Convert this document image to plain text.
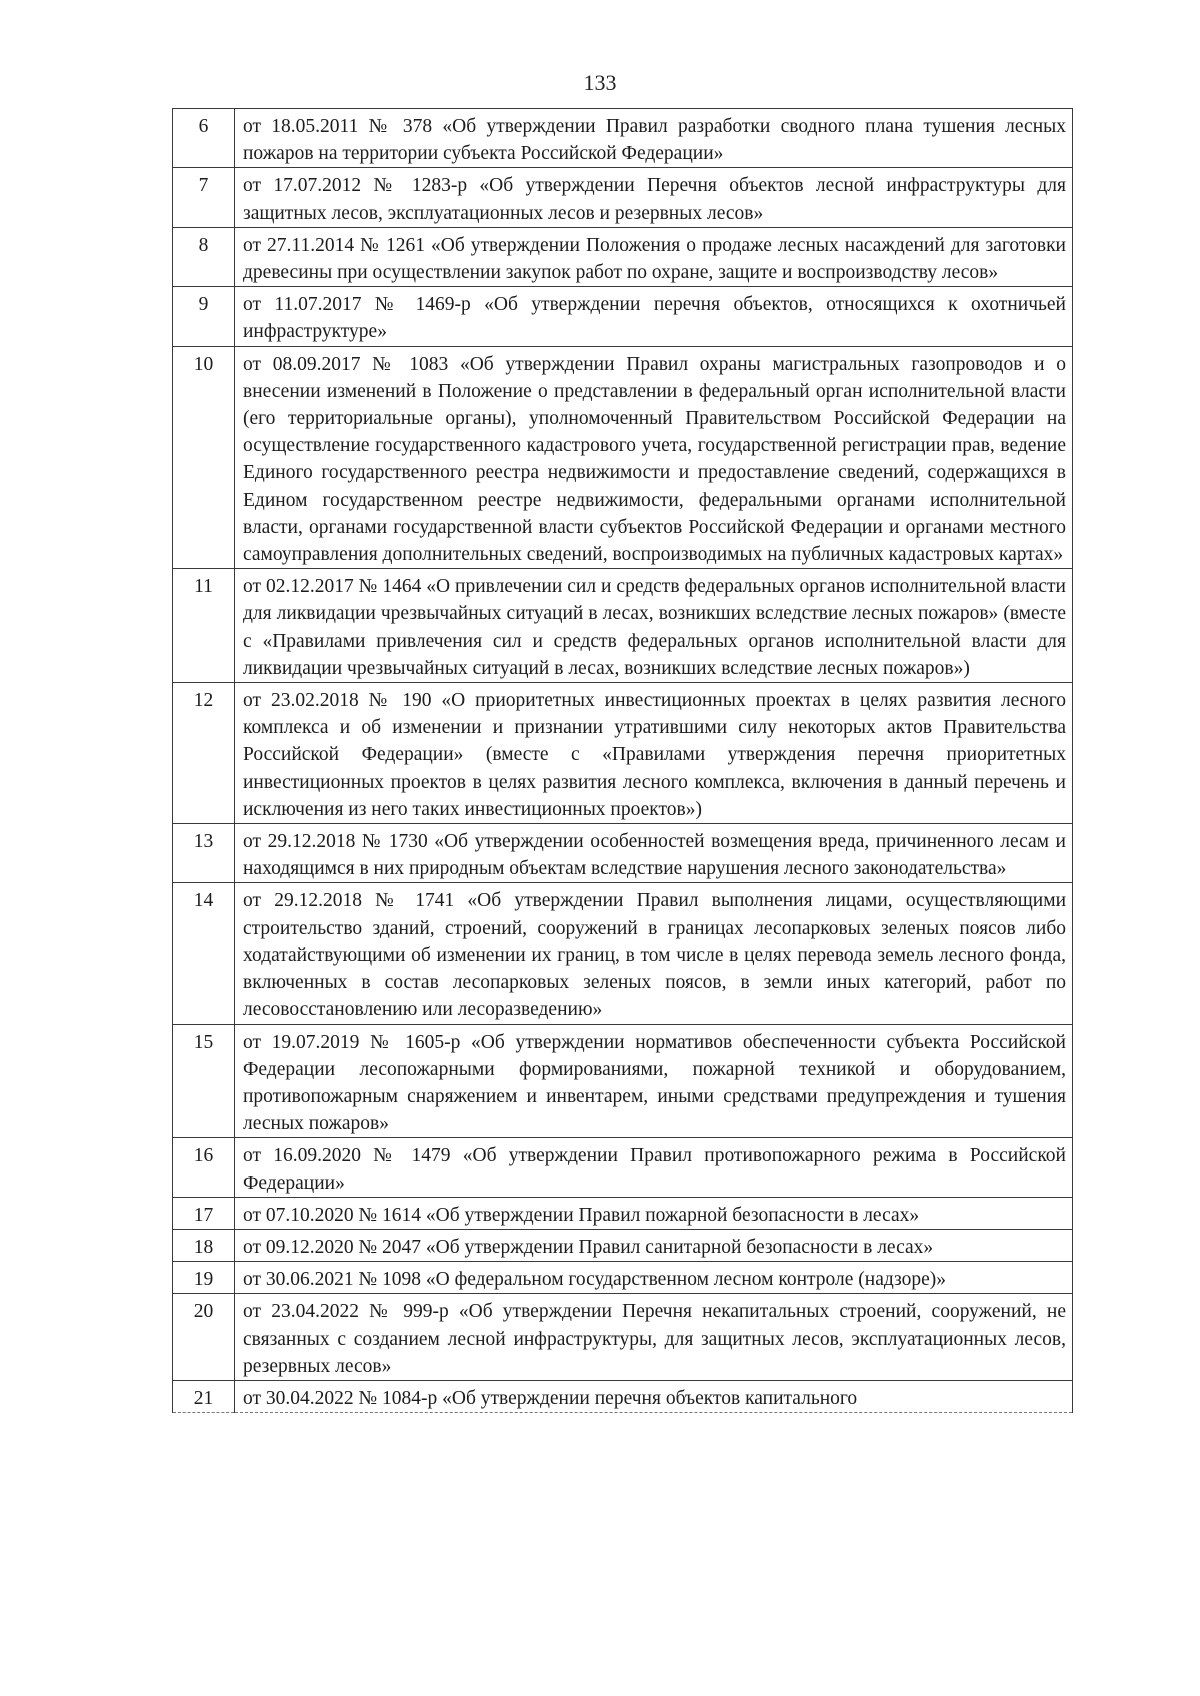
133
6	от 18.05.2011 № 378 «Об утверждении Правил разработки сводного плана тушения лесных пожаров на территории субъекта Российской Федерации»
7	от 17.07.2012 № 1283-р «Об утверждении Перечня объектов лесной инфраструктуры для защитных лесов, эксплуатационных лесов и резервных лесов»
8	от 27.11.2014 № 1261 «Об утверждении Положения о продаже лесных насаждений для заготовки древесины при осуществлении закупок работ по охране, защите и воспроизводству лесов»
9	от 11.07.2017 № 1469-р «Об утверждении перечня объектов, относящихся к охотничьей инфраструктуре»
10	от 08.09.2017 № 1083 «Об утверждении Правил охраны магистральных газопроводов и о внесении изменений в Положение о представлении в федеральный орган исполнительной власти (его территориальные органы), уполномоченный Правительством Российской Федерации на осуществление государственного кадастрового учета, государственной регистрации прав, ведение Единого государственного реестра недвижимости и предоставление сведений, содержащихся в Едином государственном реестре недвижимости, федеральными органами исполнительной власти, органами государственной власти субъектов Российской Федерации и органами местного самоуправления дополнительных сведений, воспроизводимых на публичных кадастровых картах»
11	от 02.12.2017 № 1464 «О привлечении сил и средств федеральных органов исполнительной власти для ликвидации чрезвычайных ситуаций в лесах, возникших вследствие лесных пожаров» (вместе с «Правилами привлечения сил и средств федеральных органов исполнительной власти для ликвидации чрезвычайных ситуаций в лесах, возникших вследствие лесных пожаров»)
12	от 23.02.2018 № 190 «О приоритетных инвестиционных проектах в целях развития лесного комплекса и об изменении и признании утратившими силу некоторых актов Правительства Российской Федерации» (вместе с «Правилами утверждения перечня приоритетных инвестиционных проектов в целях развития лесного комплекса, включения в данный перечень и исключения из него таких инвестиционных проектов»)
13	от 29.12.2018 № 1730 «Об утверждении особенностей возмещения вреда, причиненного лесам и находящимся в них природным объектам вследствие нарушения лесного законодательства»
14	от 29.12.2018 № 1741 «Об утверждении Правил выполнения лицами, осуществляющими строительство зданий, строений, сооружений в границах лесопарковых зеленых поясов либо ходатайствующими об изменении их границ, в том числе в целях перевода земель лесного фонда, включенных в состав лесопарковых зеленых поясов, в земли иных категорий, работ по лесовосстановлению или лесоразведению»
15	от 19.07.2019 № 1605-р «Об утверждении нормативов обеспеченности субъекта Российской Федерации лесопожарными формированиями, пожарной техникой и оборудованием, противопожарным снаряжением и инвентарем, иными средствами предупреждения и тушения лесных пожаров»
16	от 16.09.2020 № 1479 «Об утверждении Правил противопожарного режима в Российской Федерации»
17	от 07.10.2020 № 1614 «Об утверждении Правил пожарной безопасности в лесах»
18	от 09.12.2020 № 2047 «Об утверждении Правил санитарной безопасности в лесах»
19	от 30.06.2021 № 1098 «О федеральном государственном лесном контроле (надзоре)»
20	от 23.04.2022 № 999-р «Об утверждении Перечня некапитальных строений, сооружений, не связанных с созданием лесной инфраструктуры, для защитных лесов, эксплуатационных лесов, резервных лесов»
21	от 30.04.2022 № 1084-р «Об утверждении перечня объектов капитального
